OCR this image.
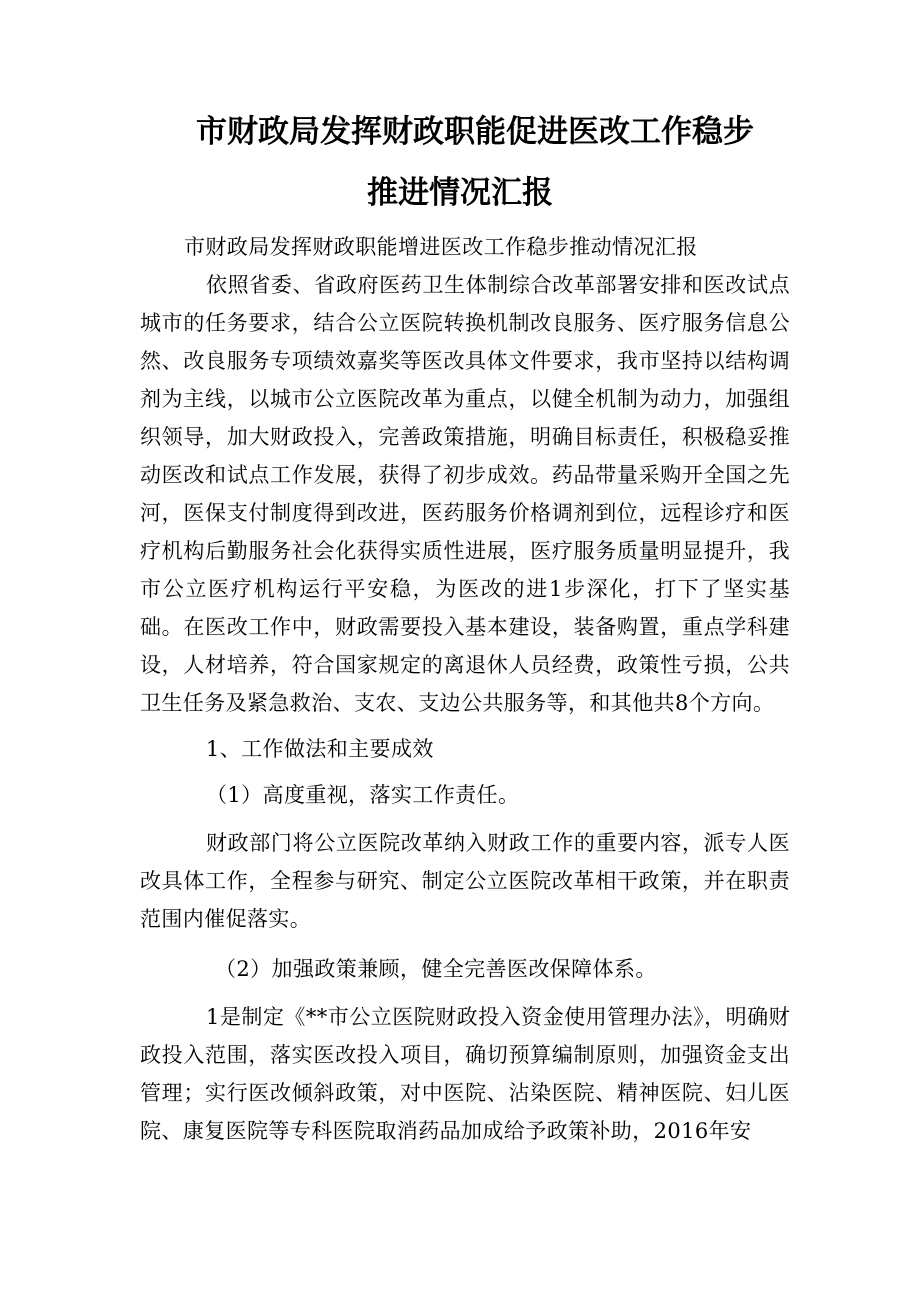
市财政局发挥财政职能促进医改工作稳步
推进情况汇报

市财政局发挥财政职能增进医改工作稳步推动情况汇报

依照省委、省政府医药卫生体制综合改革部署安排和医改试点城市的任务要求，结合公立医院转换机制改良服务、医疗服务信息公然、改良服务专项绩效嘉奖等医改具体文件要求，我市坚持以结构调剂为主线，以城市公立医院改革为重点，以健全机制为动力，加强组织领导，加大财政投入，完善政策措施，明确目标责任，积极稳妥推动医改和试点工作发展，获得了初步成效。药品带量采购开全国之先河，医保支付制度得到改进，医药服务价格调剂到位，远程诊疗和医疗机构后勤服务社会化获得实质性进展，医疗服务质量明显提升，我市公立医疗机构运行平安稳，为医改的进1步深化，打下了坚实基础。在医改工作中，财政需要投入基本建设，装备购置，重点学科建设，人材培养，符合国家规定的离退休人员经费，政策性亏损，公共卫生任务及紧急救治、支农、支边公共服务等，和其他共8个方向。

1、工作做法和主要成效

（1）高度重视，落实工作责任。

财政部门将公立医院改革纳入财政工作的重要内容，派专人医改具体工作，全程参与研究、制定公立医院改革相干政策，并在职责范围内催促落实。

（2）加强政策兼顾，健全完善医改保障体系。

1是制定《**市公立医院财政投入资金使用管理办法》，明确财政投入范围，落实医改投入项目，确切预算编制原则，加强资金支出管理；实行医改倾斜政策，对中医院、沾染医院、精神医院、妇儿医院、康复医院等专科医院取消药品加成给予政策补助，2016年安
